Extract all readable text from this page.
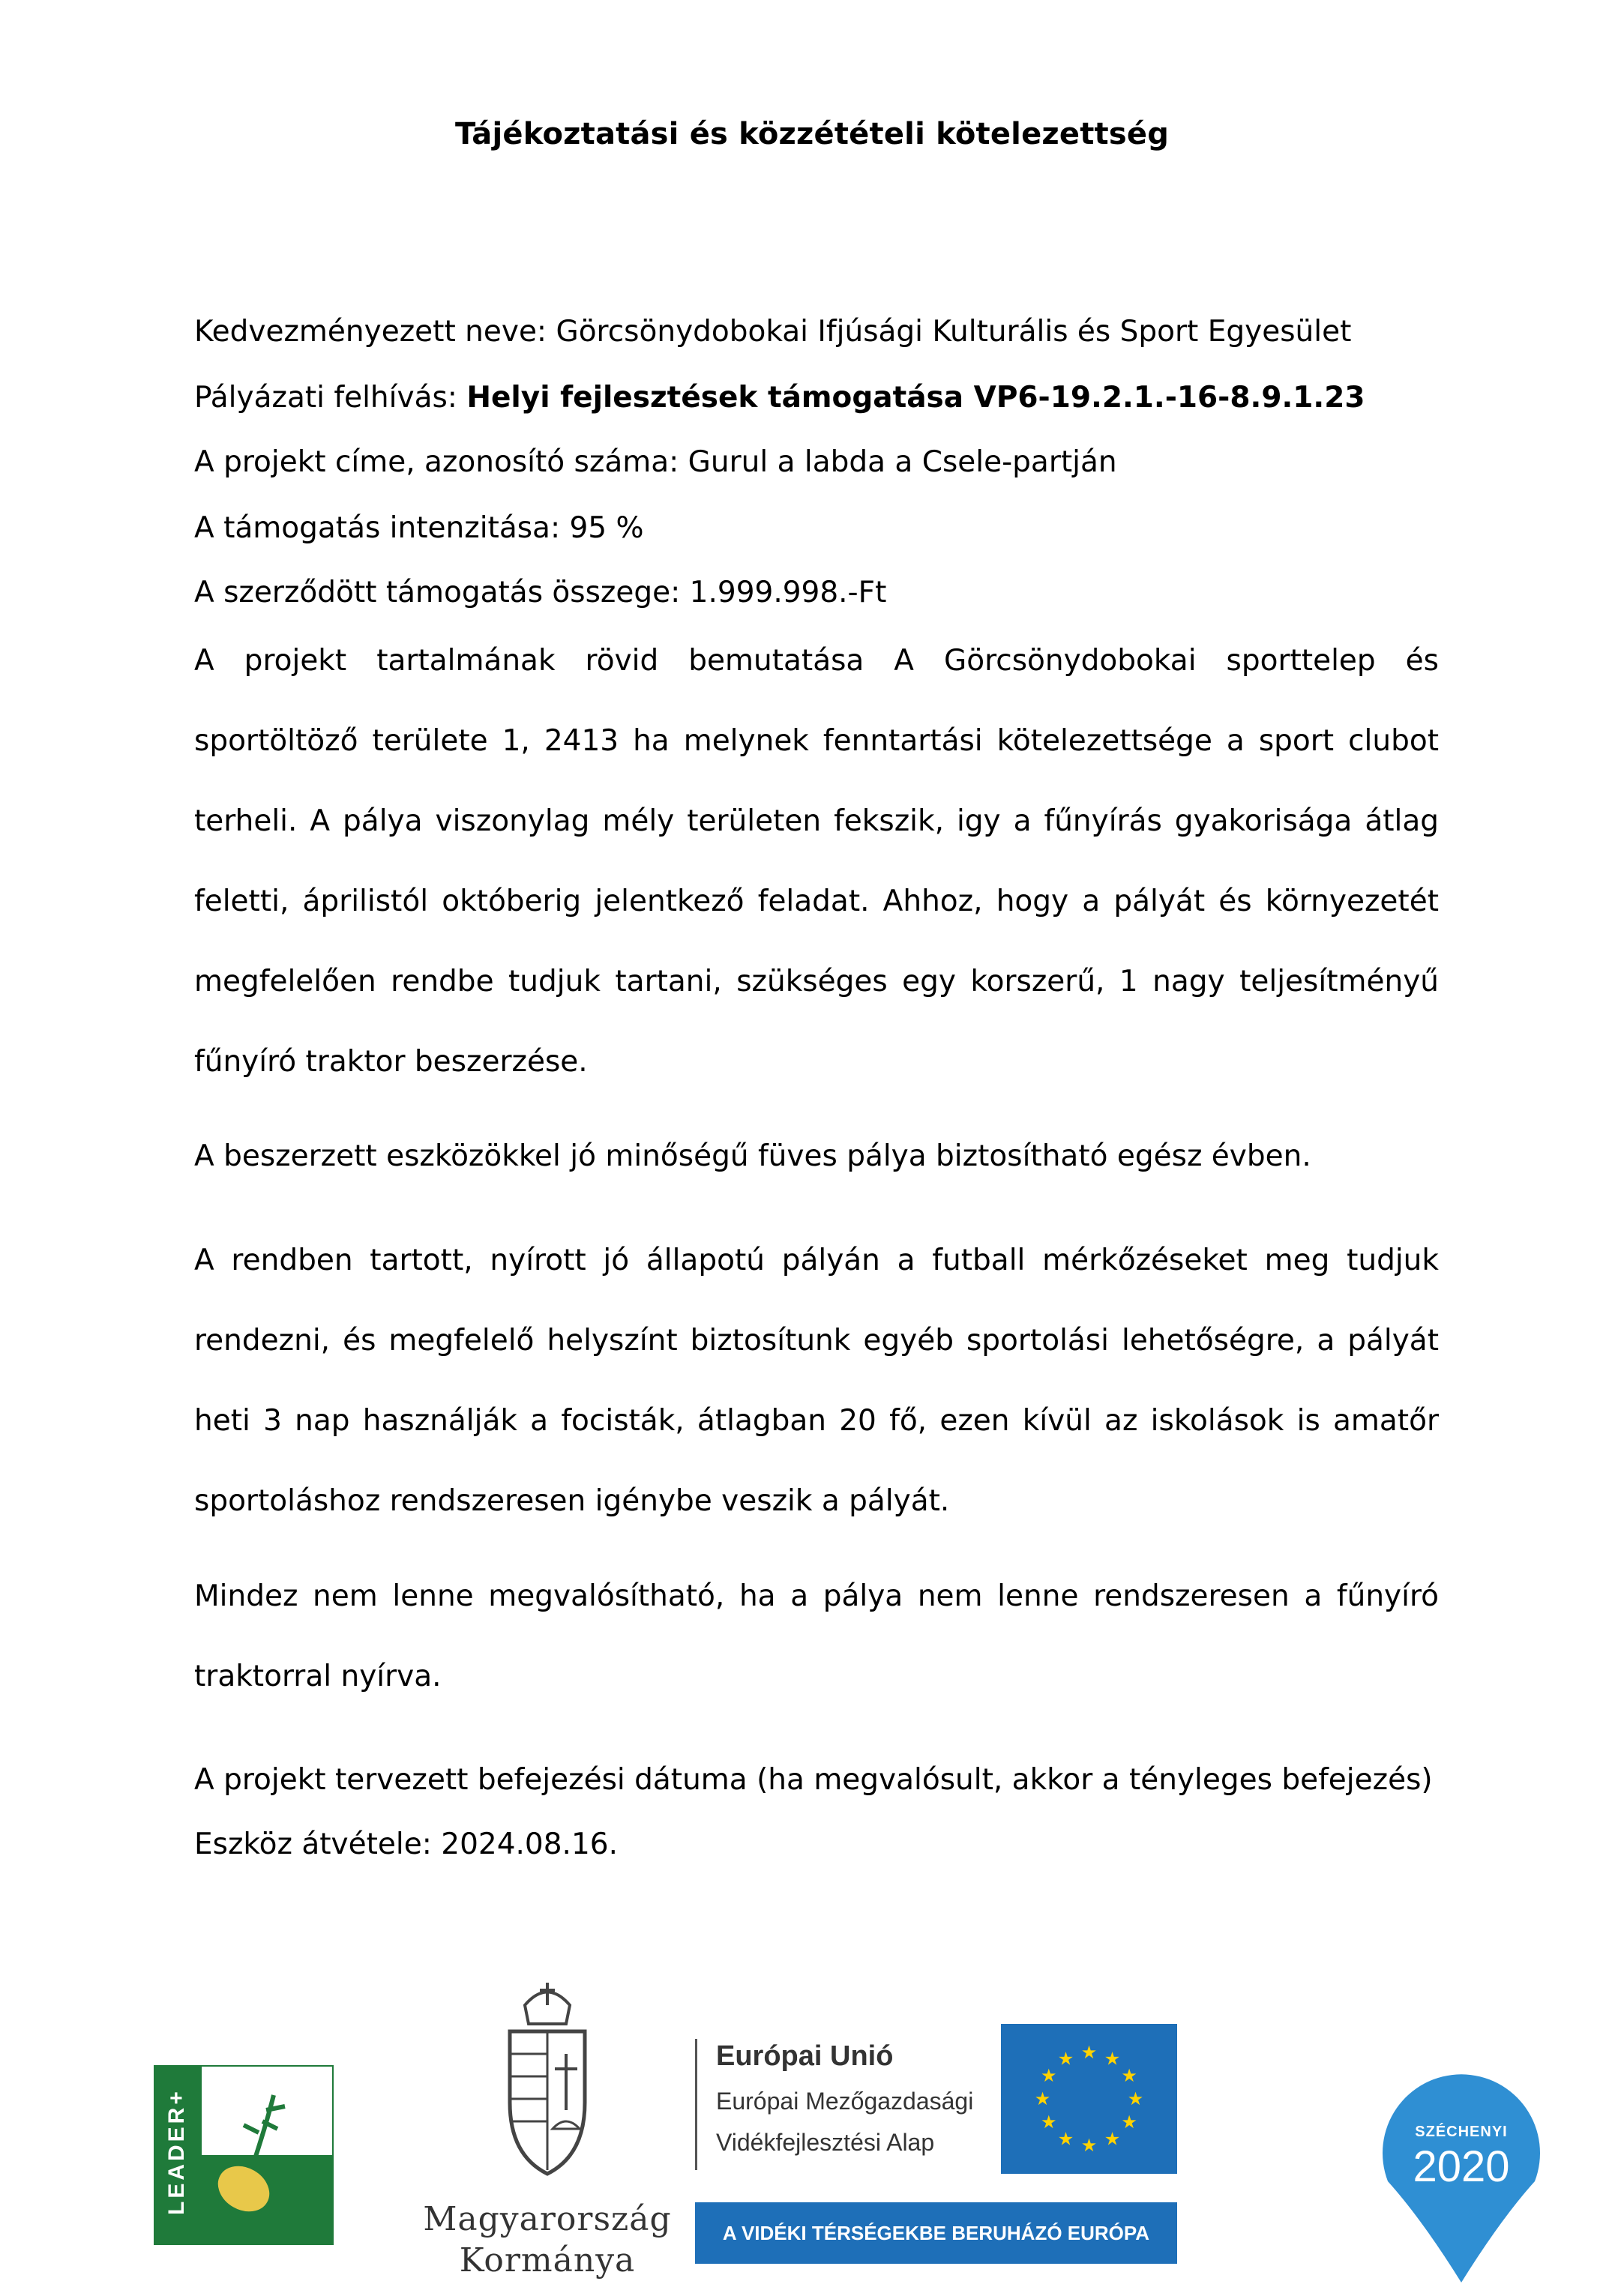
Tájékoztatási és közzétételi kötelezettség
Kedvezményezett neve: Görcsönydobokai Ifjúsági Kulturális és Sport Egyesület
Pályázati felhívás: Helyi fejlesztések támogatása VP6-19.2.1.-16-8.9.1.23
A projekt címe, azonosító száma: Gurul a labda a Csele-partján
A támogatás intenzitása: 95 %
A szerződött támogatás összege: 1.999.998.-Ft
A projekt tartalmának rövid bemutatása A Görcsönydobokai sporttelep és sportöltöző területe 1, 2413 ha melynek fenntartási kötelezettsége a sport clubot terheli. A pálya viszonylag mély területen fekszik, igy a fűnyírás gyakorisága átlag feletti, áprilistól októberig jelentkező feladat. Ahhoz, hogy a pályát és környezetét megfelelően rendbe tudjuk tartani, szükséges egy korszerű, 1 nagy teljesítményű fűnyíró traktor beszerzése.
A beszerzett eszközökkel jó minőségű füves pálya biztosítható egész évben.
A rendben tartott, nyírott jó állapotú pályán a futball mérkőzéseket meg tudjuk rendezni, és megfelelő helyszínt biztosítunk egyéb sportolási lehetőségre, a pályát heti 3 nap használják a focisták, átlagban 20 fő, ezen kívül az iskolások is amatőr sportoláshoz rendszeresen igénybe veszik a pályát.
Mindez nem lenne megvalósítható, ha a pálya nem lenne rendszeresen a fűnyíró traktorral nyírva.
A projekt tervezett befejezési dátuma (ha megvalósult, akkor a tényleges befejezés)
Eszköz átvétele: 2024.08.16.
LEADER+
Magyarország
Kormánya
Európai Unió
Európai Mezőgazdasági
Vidékfejlesztési Alap
★ ★
★
★
★
★
★
★
★
★
★
★
A VIDÉKI TÉRSÉGEKBE BERUHÁZÓ EURÓPA
SZÉCHENYI
2020
